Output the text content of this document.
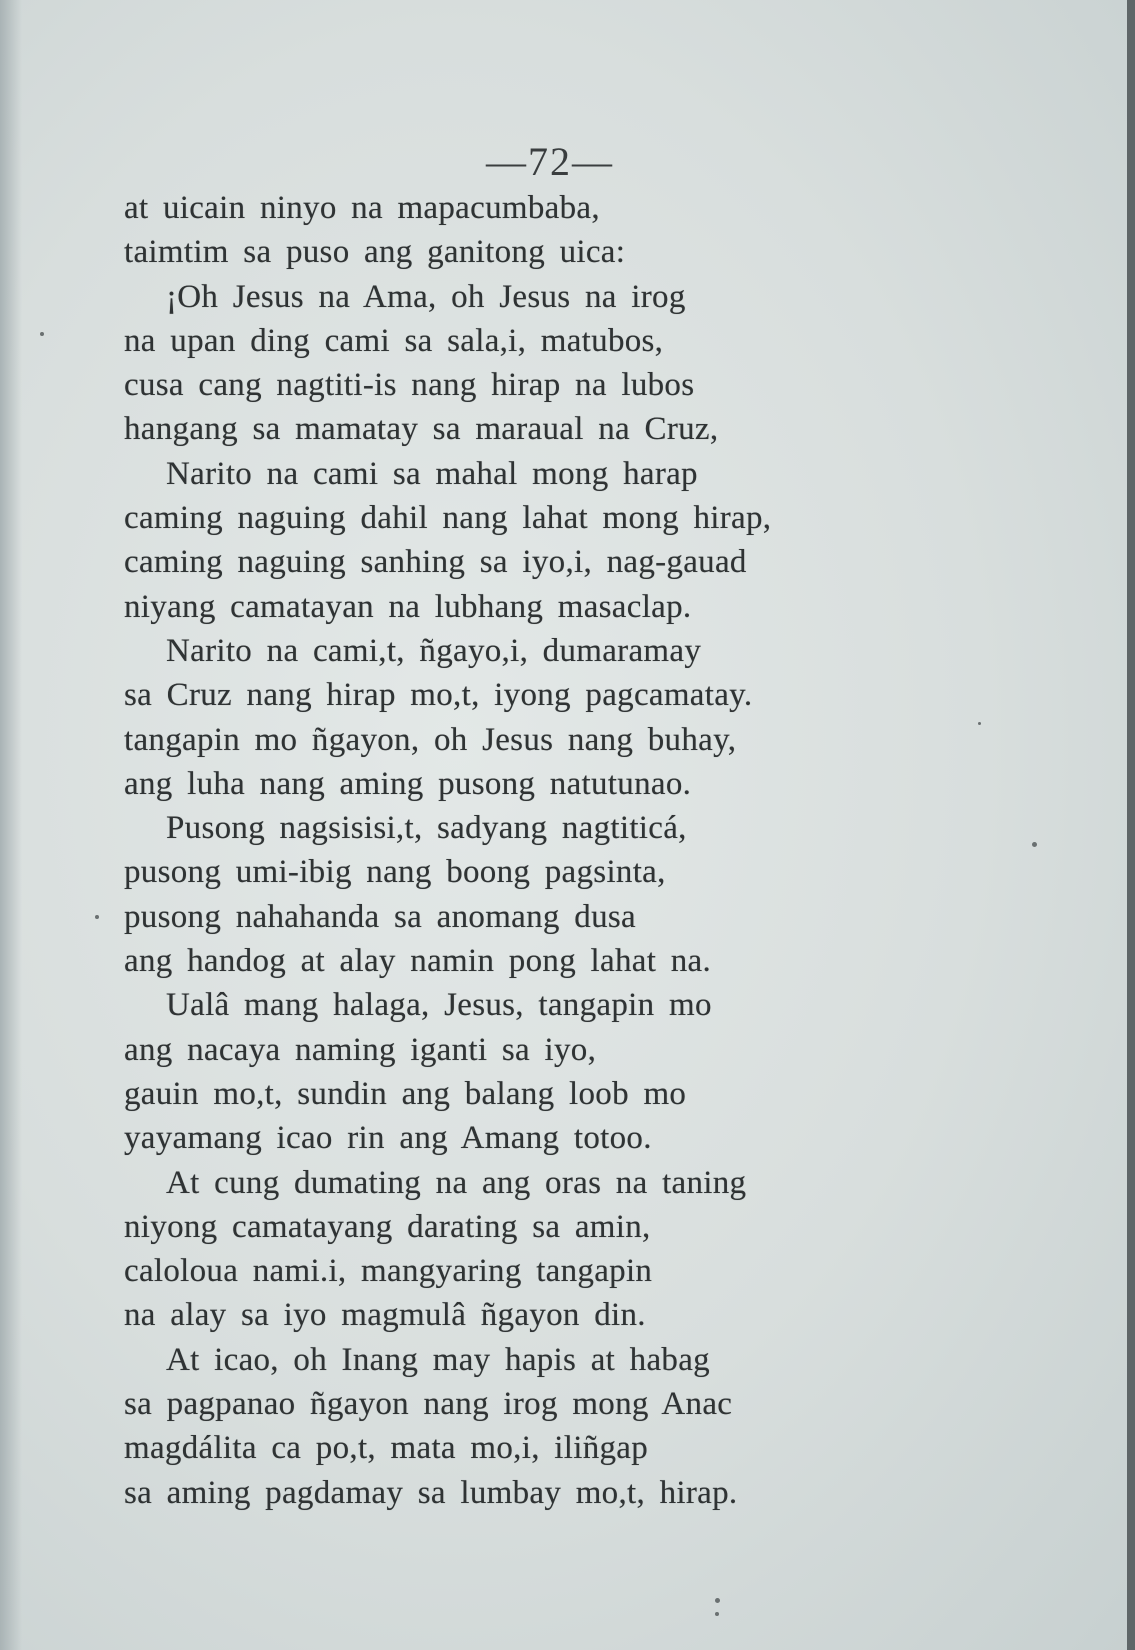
—72—
at uicain ninyo na mapacumbaba,
taimtim sa puso ang ganitong uica:
¡Oh Jesus na Ama, oh Jesus na irog
na upan ding cami sa sala,i, matubos,
cusa cang nagtiti-is nang hirap na lubos
hangang sa mamatay sa maraual na Cruz,
Narito na cami sa mahal mong harap
caming naguing dahil nang lahat mong hirap,
caming naguing sanhing sa iyo,i, nag-gauad
niyang camatayan na lubhang masaclap.
Narito na cami,t, ñgayo,i, dumaramay
sa Cruz nang hirap mo,t, iyong pagcamatay.
tangapin mo ñgayon, oh Jesus nang buhay,
ang luha nang aming pusong natutunao.
Pusong nagsisisi,t, sadyang nagtiticá,
pusong umi-ibig nang boong pagsinta,
pusong nahahanda sa anomang dusa
ang handog at alay namin pong lahat na.
Ualâ mang halaga, Jesus, tangapin mo
ang nacaya naming iganti sa iyo,
gauin mo,t, sundin ang balang loob mo
yayamang icao rin ang Amang totoo.
At cung dumating na ang oras na taning
niyong camatayang darating sa amin,
caloloua nami.i, mangyaring tangapin
na alay sa iyo magmulâ ñgayon din.
At icao, oh Inang may hapis at habag
sa pagpanao ñgayon nang irog mong Anac
magdálita ca po,t, mata mo,i, iliñgap
sa aming pagdamay sa lumbay mo,t, hirap.
